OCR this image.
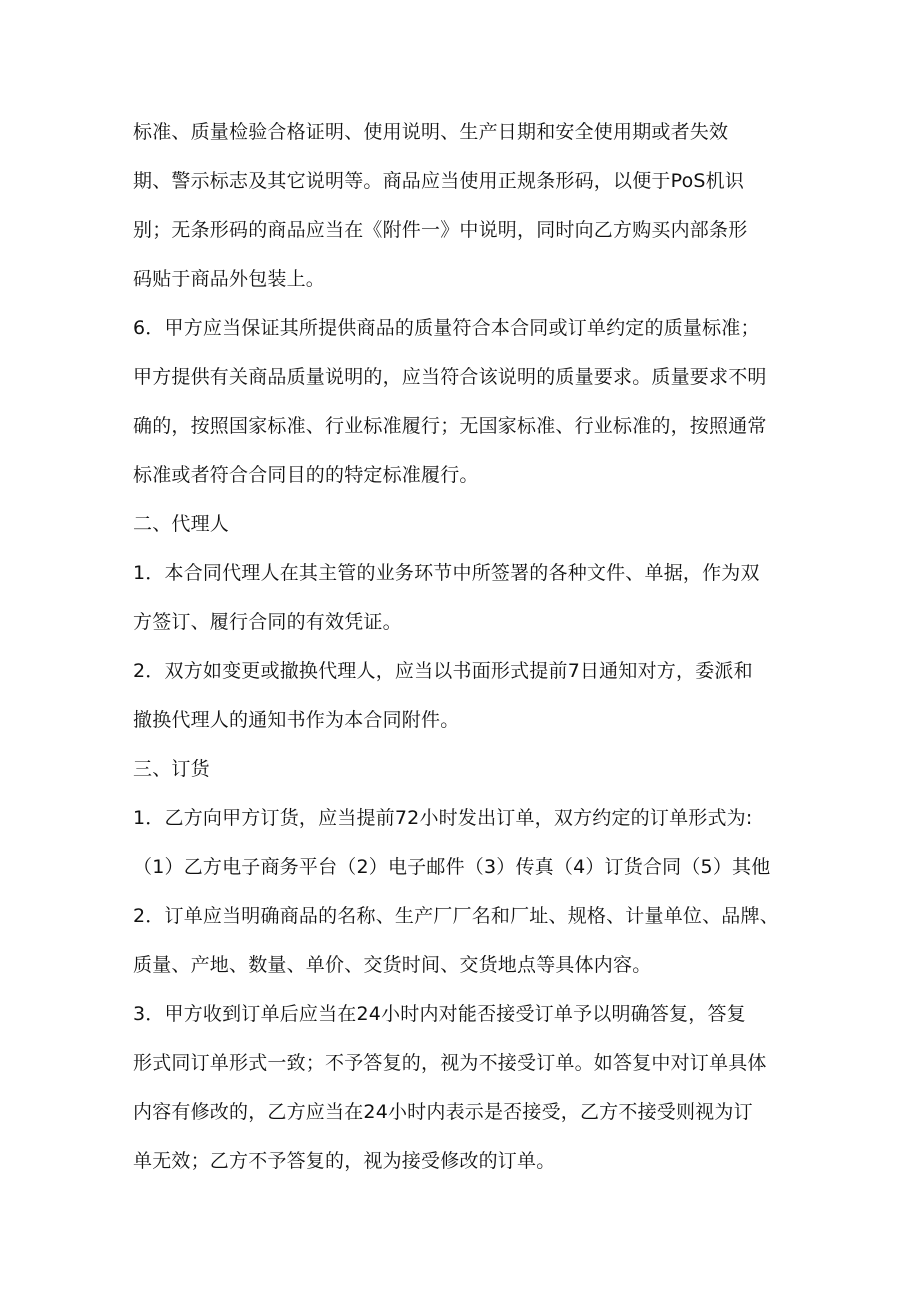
标准、质量检验合格证明、使用说明、生产日期和安全使用期或者失效

期、警示标志及其它说明等。商品应当使用正规条形码，以便于PoS机识

别；无条形码的商品应当在《附件一》中说明，同时向乙方购买内部条形

码贴于商品外包装上。

6．甲方应当保证其所提供商品的质量符合本合同或订单约定的质量标准；

甲方提供有关商品质量说明的，应当符合该说明的质量要求。质量要求不明

确的，按照国家标准、行业标准履行；无国家标准、行业标准的，按照通常

标准或者符合合同目的的特定标准履行。

二、代理人

1．本合同代理人在其主管的业务环节中所签署的各种文件、单据，作为双

方签订、履行合同的有效凭证。

2．双方如变更或撤换代理人，应当以书面形式提前7日通知对方，委派和

撤换代理人的通知书作为本合同附件。

三、订货

1．乙方向甲方订货，应当提前72小时发出订单，双方约定的订单形式为:

（1）乙方电子商务平台（2）电子邮件（3）传真（4）订货合同（5）其他

2．订单应当明确商品的名称、生产厂厂名和厂址、规格、计量单位、品牌、

质量、产地、数量、单价、交货时间、交货地点等具体内容。

3．甲方收到订单后应当在24小时内对能否接受订单予以明确答复，答复

形式同订单形式一致；不予答复的，视为不接受订单。如答复中对订单具体

内容有修改的，乙方应当在24小时内表示是否接受，乙方不接受则视为订

单无效；乙方不予答复的，视为接受修改的订单。
